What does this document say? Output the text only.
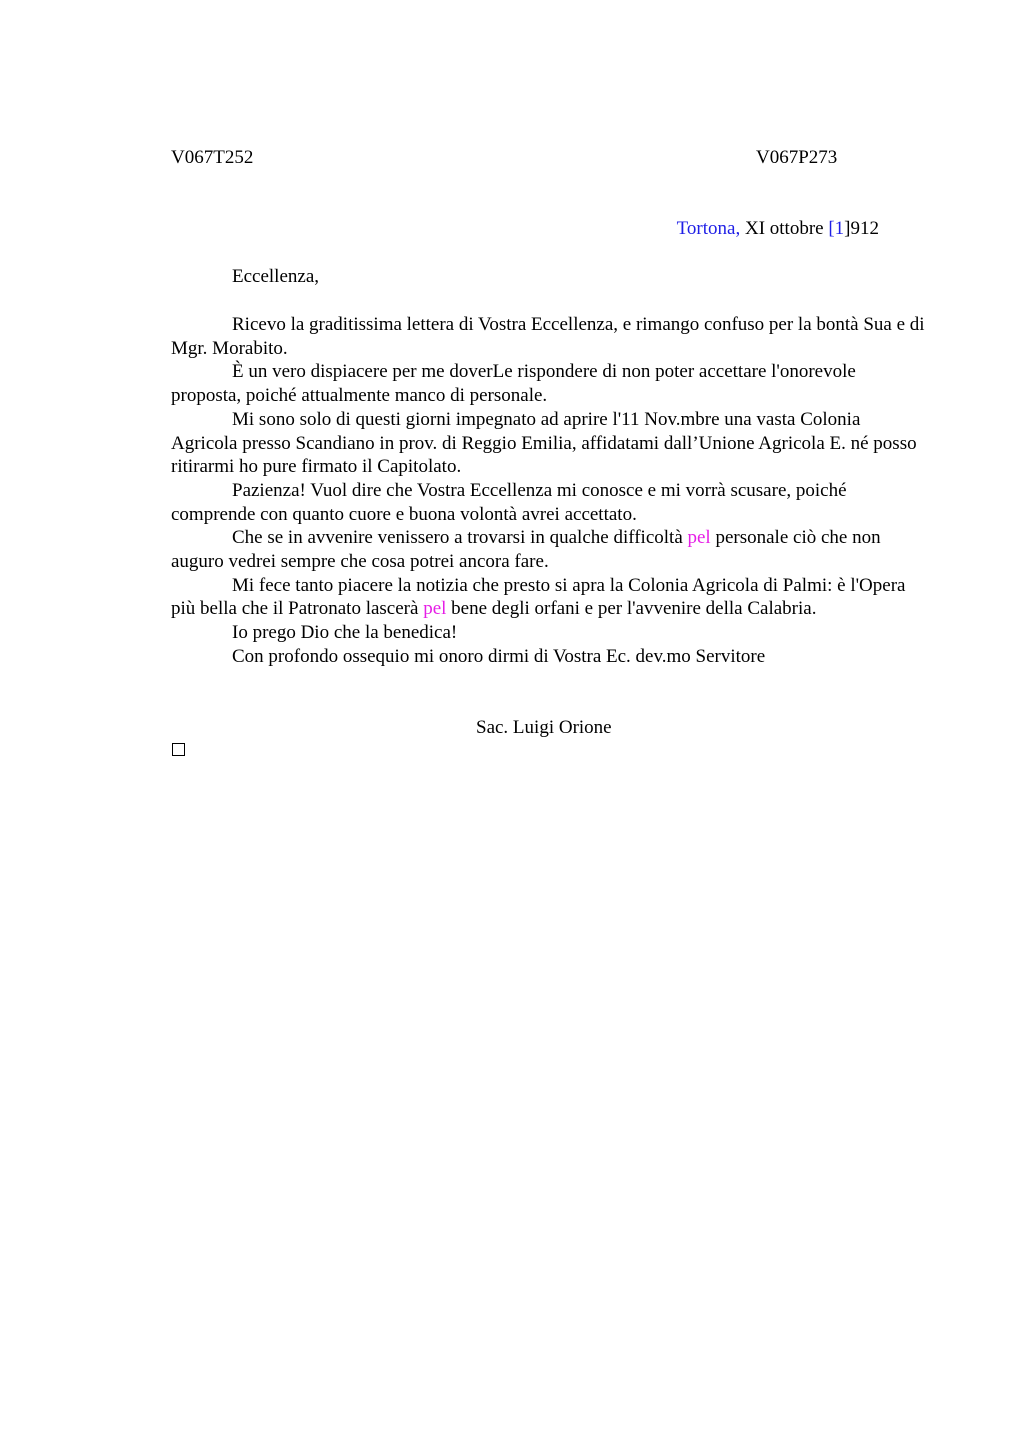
V067T252	V067P273
Tortona, XI ottobre [1]912
Eccellenza,

Ricevo la graditissima lettera di Vostra Eccellenza, e rimango confuso per la bontà Sua e di Mgr. Morabito.

È un vero dispiacere per me doverLe rispondere di non poter accettare l'onorevole proposta, poiché attualmente manco di personale.

Mi sono solo di questi giorni impegnato ad aprire l'11 Nov.mbre una vasta Colonia Agricola presso Scandiano in prov. di Reggio Emilia, affidatami dall’Unione Agricola E. né posso ritirarmi ho pure firmato il Capitolato.

Pazienza! Vuol dire che Vostra Eccellenza mi conosce e mi vorrà scusare, poiché comprende con quanto cuore e buona volontà avrei accettato.

Che se in avvenire venissero a trovarsi in qualche difficoltà pel personale ciò che non auguro vedrei sempre che cosa potrei ancora fare.

Mi fece tanto piacere la notizia che presto si apra la Colonia Agricola di Palmi: è l'Opera più bella che il Patronato lascerà pel bene degli orfani e per l'avvenire della Calabria.

Io prego Dio che la benedica!

Con profondo ossequio mi onoro dirmi di Vostra Ec. dev.mo Servitore

Sac. Luigi Orione
